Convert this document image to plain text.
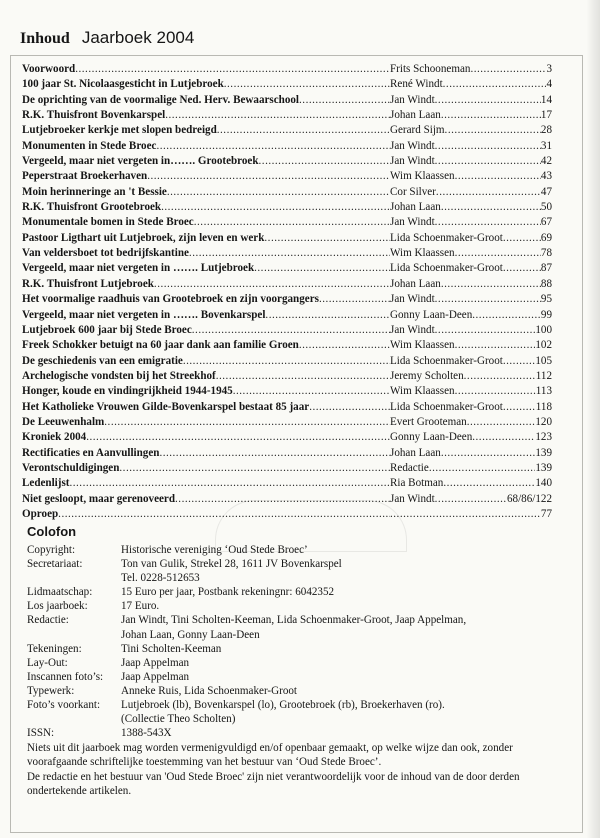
Inhoud Jaarboek 2004
Voorwoord .....	Frits Schooneman .....	3
100 jaar St. Nicolaasgesticht in Lutjebroek .....	René Windt .....	4
De oprichting van de voormalige Ned. Herv. Bewaarschool .....	Jan Windt .....	14
R.K. Thuisfront Bovenkarspel .....	Johan Laan .....	17
Lutjebroeker kerkje met slopen bedreigd .....	Gerard Sijm .....	28
Monumenten in Stede Broec .....	Jan Windt .....	31
Vergeeld, maar niet vergeten in……. Grootebroek .....	Jan Windt .....	42
Peperstraat Broekerhaven .....	Wim Klaassen .....	43
Moin herinneringe an 't Bessie .....	Cor Silver .....	47
R.K. Thuisfront Grootebroek .....	Johan Laan .....	50
Monumentale bomen in Stede Broec .....	Jan Windt .....	67
Pastoor Ligthart uit Lutjebroek, zijn leven en werk .....	Lida Schoenmaker-Groot .....	69
Van veldersboet tot bedrijfskantine .....	Wim Klaassen .....	78
Vergeeld, maar niet vergeten in ……. Lutjebroek .....	Lida Schoenmaker-Groot .....	87
R.K. Thuisfront Lutjebroek .....	Johan Laan .....	88
Het voormalige raadhuis van Grootebroek en zijn voorgangers .....	Jan Windt .....	95
Vergeeld, maar niet vergeten in ……. Bovenkarspel .....	Gonny Laan-Deen .....	99
Lutjebroek 600 jaar bij Stede Broec .....	Jan Windt .....	100
Freek Schokker betuigt na 60 jaar dank aan familie Groen .....	Wim Klaassen .....	102
De geschiedenis van een emigratie .....	Lida Schoenmaker-Groot .....	105
Archelogische vondsten bij het Streekhof .....	Jeremy Scholten .....	112
Honger, koude en vindingrijkheid 1944-1945 .....	Wim Klaassen .....	113
Het Katholieke Vrouwen Gilde-Bovenkarspel bestaat 85 jaar .....	Lida Schoenmaker-Groot .....	118
De Leeuwenhalm .....	Evert Grooteman .....	120
Kroniek 2004 .....	Gonny Laan-Deen .....	123
Rectificaties en Aanvullingen .....	Johan Laan .....	139
Verontschuldigingen .....	Redactie .....	139
Ledenlijst .....	Ria Botman .....	140
Niet gesloopt, maar gerenoveerd .....	Jan Windt .....	68/86/122
Oproep ..... .....	77
Colofon
Copyright:	Historische vereniging ‘Oud Stede Broec’
Secretariaat:	Ton van Gulik, Strekel 28, 1611 JV Bovenkarspel
Tel. 0228-512653
Lidmaatschap:	15 Euro per jaar, Postbank rekeningnr: 6042352
Los jaarboek:	17 Euro.
Redactie:	Jan Windt, Tini Scholten-Keeman, Lida Schoenmaker-Groot, Jaap Appelman,
Johan Laan, Gonny Laan-Deen
Tekeningen:	Tini Scholten-Keeman
Lay-Out:	Jaap Appelman
Inscannen foto’s:	Jaap Appelman
Typewerk:	Anneke Ruis, Lida Schoenmaker-Groot
Foto’s voorkant:	Lutjebroek (lb), Bovenkarspel (lo), Grootebroek (rb), Broekerhaven (ro).
(Collectie Theo Scholten)
ISSN:	1388-543X

Niets uit dit jaarboek mag worden vermenigvuldigd en/of openbaar gemaakt, op welke wijze dan ook, zonder voorafgaande schriftelijke toestemming van het bestuur van ‘Oud Stede Broec’.

De redactie en het bestuur van 'Oud Stede Broec' zijn niet verantwoordelijk voor de inhoud van de door derden ondertekende artikelen.
